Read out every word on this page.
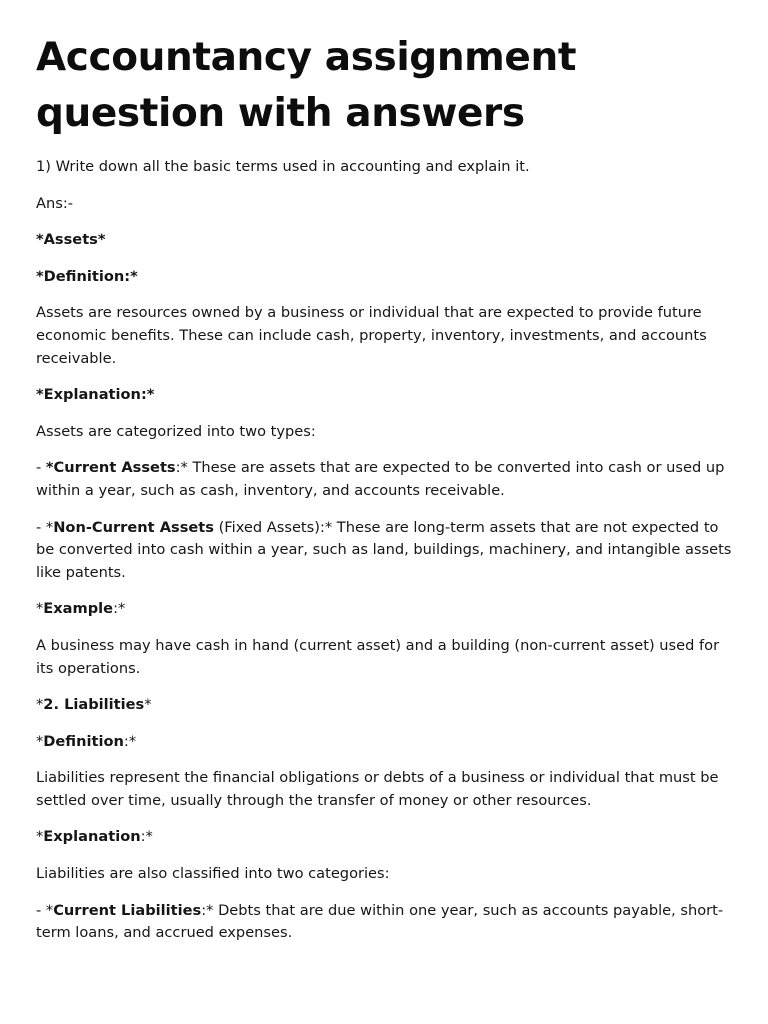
Accountancy assignment question with answers

1) Write down all the basic terms used in accounting and explain it.

Ans:-

*Assets*

*Definition:*

Assets are resources owned by a business or individual that are expected to provide future economic benefits. These can include cash, property, inventory, investments, and accounts receivable.

*Explanation:*

Assets are categorized into two types:

- *Current Assets:* These are assets that are expected to be converted into cash or used up within a year, such as cash, inventory, and accounts receivable.

- *Non-Current Assets (Fixed Assets):* These are long-term assets that are not expected to be converted into cash within a year, such as land, buildings, machinery, and intangible assets like patents.

*Example:*

A business may have cash in hand (current asset) and a building (non-current asset) used for its operations.

*2. Liabilities*

*Definition:*

Liabilities represent the financial obligations or debts of a business or individual that must be settled over time, usually through the transfer of money or other resources.

*Explanation:*

Liabilities are also classified into two categories:

- *Current Liabilities:* Debts that are due within one year, such as accounts payable, short-term loans, and accrued expenses.
